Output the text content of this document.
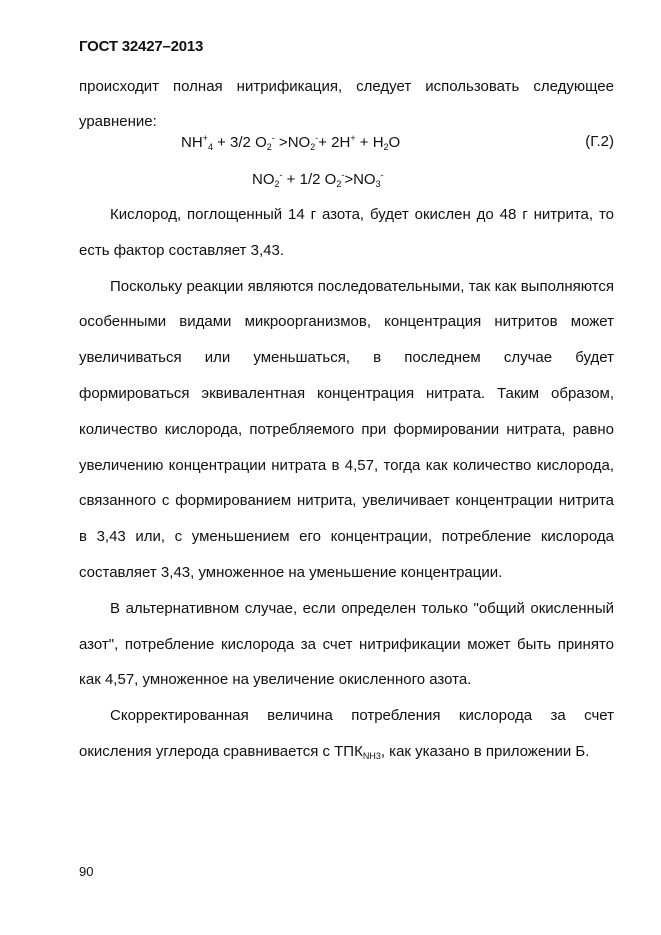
ГОСТ 32427–2013

происходит полная нитрификация, следует использовать следующее уравнение:

$NH^+_4 + 3/2$ $O_2^- >NO_2^-+ 2H^+ + H_2O$	(Г.2)
$NO_2^- + 1/2$ $O_2^->NO_3^-$

Кислород, поглощенный 14 г азота, будет окислен до 48 г нитрита, то есть фактор составляет 3,43.

Поскольку реакции являются последовательными, так как выполняются особенными видами микроорганизмов, концентрация нитритов может увеличиваться или уменьшаться, в последнем случае будет формироваться эквивалентная концентрация нитрата. Таким образом, количество кислорода, потребляемого при формировании нитрата, равно увеличению концентрации нитрата в 4,57, тогда как количество кислорода, связанного с формированием нитрита, увеличивает концентрации нитрита в 3,43 или, с уменьшением его концентрации, потребление кислорода составляет 3,43, умноженное на уменьшение концентрации.

В альтернативном случае, если определен только "общий окисленный азот", потребление кислорода за счет нитрификации может быть принято как 4,57, умноженное на увеличение окисленного азота.

Скорректированная величина потребления кислорода за счет окисления углерода сравнивается с $ТПК_{NH3}$, как указано в приложении Б.

90
